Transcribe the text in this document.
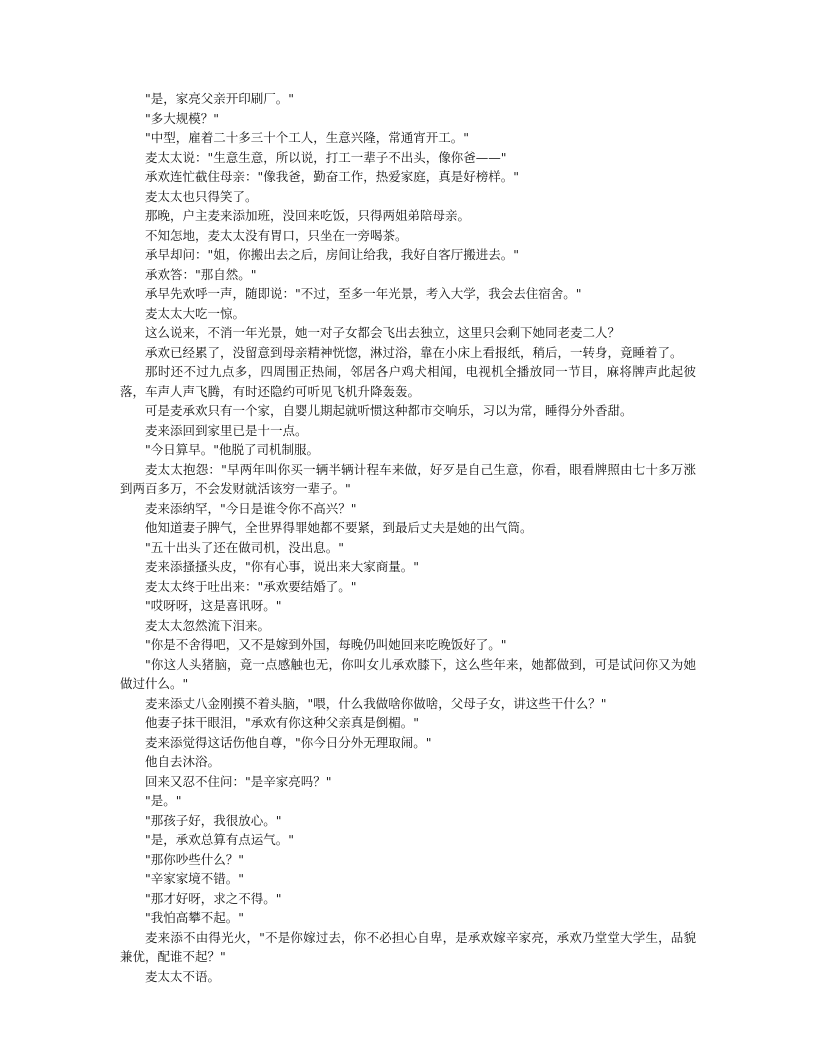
"是，家亮父亲开印刷厂。"

"多大规模？"

"中型，雇着二十多三十个工人，生意兴隆，常通宵开工。"

麦太太说："生意生意，所以说，打工一辈子不出头，像你爸——"

承欢连忙截住母亲："像我爸，勤奋工作，热爱家庭，真是好榜样。"

麦太太也只得笑了。

那晚，户主麦来添加班，没回来吃饭，只得两姐弟陪母亲。

不知怎地，麦太太没有胃口，只坐在一旁喝茶。

承早却问："姐，你搬出去之后，房间让给我，我好自客厅搬进去。"

承欢答："那自然。"

承早先欢呼一声，随即说："不过，至多一年光景，考入大学，我会去住宿舍。"

麦太太大吃一惊。

这么说来，不消一年光景，她一对子女都会飞出去独立，这里只会剩下她同老麦二人？

承欢已经累了，没留意到母亲精神恍惚，淋过浴，靠在小床上看报纸，稍后，一转身，竟睡着了。

那时还不过九点多，四周围正热闹，邻居各户鸡犬相闻，电视机全播放同一节目，麻将牌声此起彼落，车声人声飞腾，有时还隐约可听见飞机升降轰轰。

可是麦承欢只有一个家，自婴儿期起就听惯这种都市交响乐，习以为常，睡得分外香甜。

麦来添回到家里已是十一点。

"今日算早。"他脱了司机制服。

麦太太抱怨："早两年叫你买一辆半辆计程车来做，好歹是自己生意，你看，眼看牌照由七十多万涨到两百多万，不会发财就活该穷一辈子。"

麦来添纳罕，"今日是谁令你不高兴？"

他知道妻子脾气，全世界得罪她都不要紧，到最后丈夫是她的出气筒。

"五十出头了还在做司机，没出息。"

麦来添搔搔头皮，"你有心事，说出来大家商量。"

麦太太终于吐出来："承欢要结婚了。"

"哎呀呀，这是喜讯呀。"

麦太太忽然流下泪来。

"你是不舍得吧，又不是嫁到外国，每晚仍叫她回来吃晚饭好了。"

"你这人头猪脑，竟一点感触也无，你叫女儿承欢膝下，这么些年来，她都做到，可是试问你又为她做过什么。"

麦来添丈八金刚摸不着头脑，"喂，什么我做啥你做啥，父母子女，讲这些干什么？"

他妻子抹干眼泪，"承欢有你这种父亲真是倒楣。"

麦来添觉得这话伤他自尊，"你今日分外无理取闹。"

他自去沐浴。

回来又忍不住问："是辛家亮吗？"

"是。"

"那孩子好，我很放心。"

"是，承欢总算有点运气。"

"那你吵些什么？"

"辛家家境不错。"

"那才好呀，求之不得。"

"我怕高攀不起。"

麦来添不由得光火，"不是你嫁过去，你不必担心自卑，是承欢嫁辛家亮，承欢乃堂堂大学生，品貌兼优，配谁不起？"

麦太太不语。
